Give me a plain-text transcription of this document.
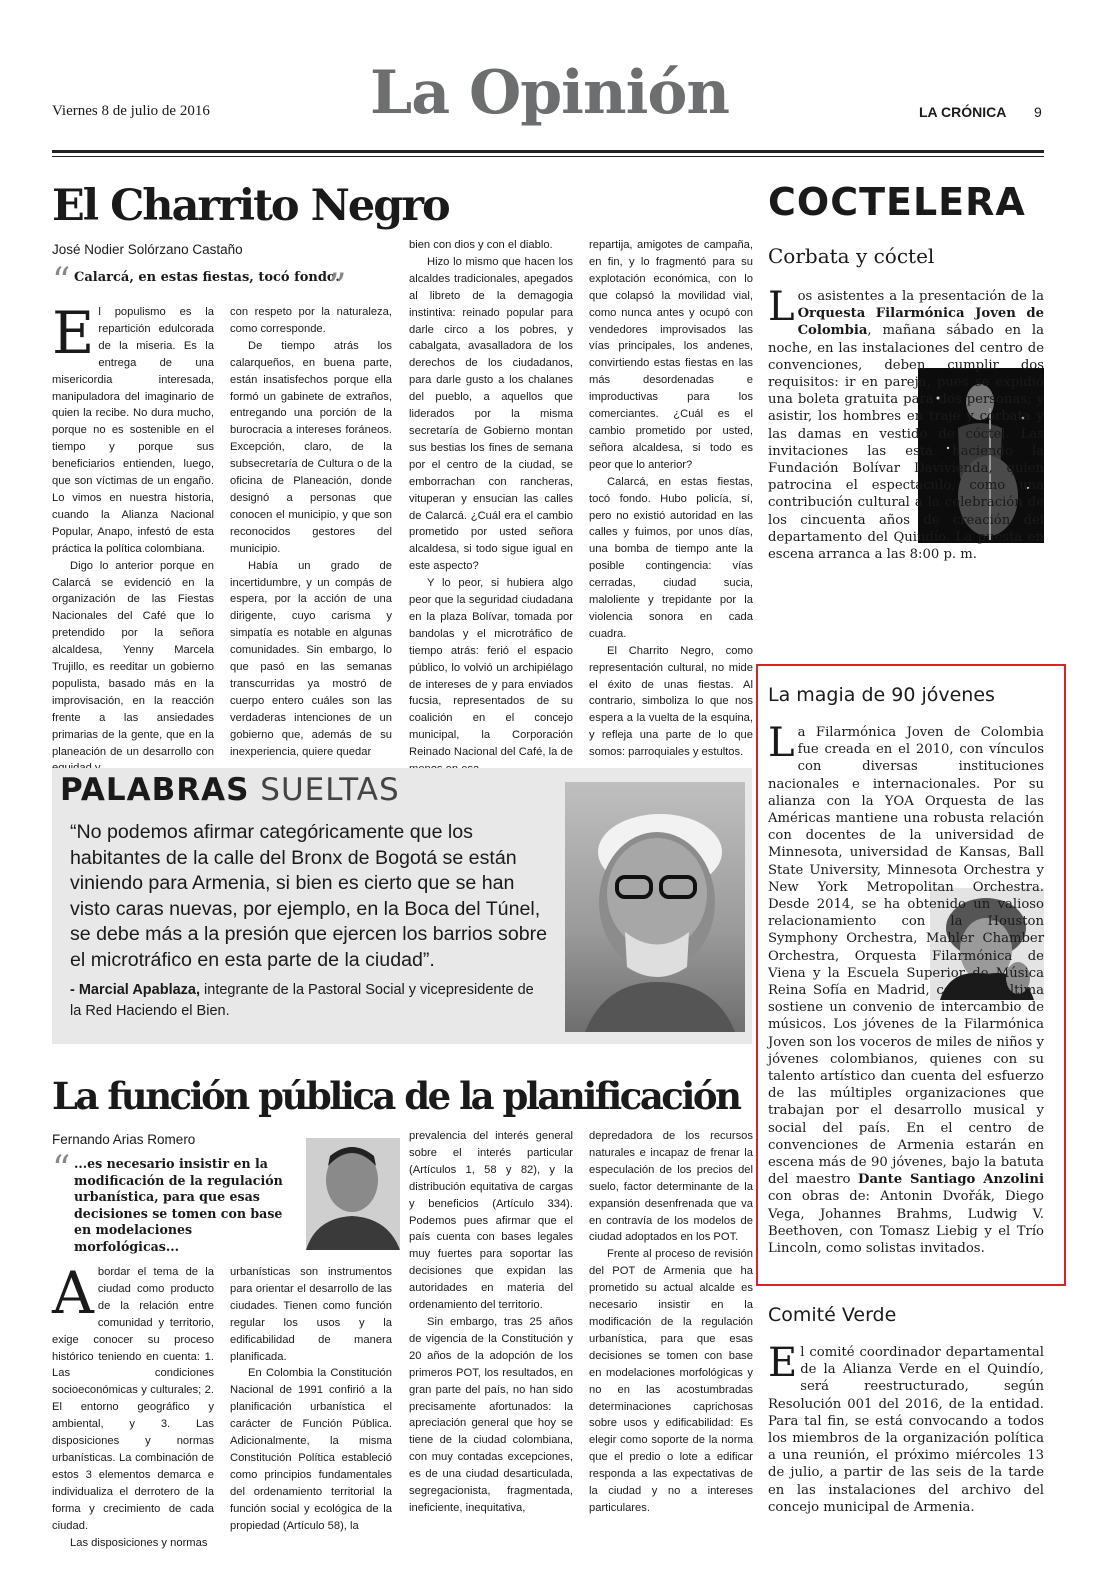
Viernes 8 de julio de 2016	La Opinión	LA CRÓNICA 9
El Charrito Negro
José Nodier Solórzano Castaño
“ Calarcá, en estas fiestas, tocó fondo.
”
E l populismo es la repartición edulcorada de la miseria. Es la entrega de una misericordia interesada, manipuladora del imaginario de quien la recibe. No dura mucho, porque no es sostenible en el tiempo y porque sus beneficiarios entienden, luego, que son víctimas de un engaño. Lo vimos en nuestra historia, cuando la Alianza Nacional Popular, Anapo, infestó de esta práctica la política colombiana.

Digo lo anterior porque en Calarcá se evidenció en la organización de las Fiestas Nacionales del Café que lo pretendido por la señora alcaldesa, Yenny Marcela Trujillo, es reeditar un gobierno populista, basado más en la improvisación, en la reacción frente a las ansiedades primarias de la gente, que en la planeación de un desarrollo con

con respeto por la naturaleza, como corresponde.

De tiempo atrás los calarqueños, en buena parte, están insatisfechos porque ella formó un gabinete de extraños, entregando una porción de la burocracia a intereses foráneos. Excepción, claro, de la subsecretaría de Cultura o de la oficina de Planeación, donde designó a personas que conocen el municipio, y que son reconocidos gestores del municipio.

Había un grado de incertidumbre, y un compás de espera, por la acción de una dirigente, cuyo carisma y simpatía es notable en algunas comunidades. Sin embargo, lo que pasó en las semanas transcurridas ya mostró de cuerpo entero cuáles son las verdaderas intenciones de un gobierno que, además de su inexperiencia, quiere quedar

bien con dios y con el diablo.

Hizo lo mismo que hacen los alcaldes tradicionales, apegados al libreto de la demagogia instintiva: reinado popular para darle circo a los pobres, y cabalgata, avasalladora de los derechos de los ciudadanos, para darle gusto a los chalanes del pueblo, a aquellos que liderados por la misma secretaría de Gobierno montan sus bestias los fines de semana por el centro de la ciudad, se emborrachan con rancheras, vituperan y ensucian las calles de Calarcá. ¿Cuál era el cambio prometido por usted señora alcaldesa, si todo sigue igual en este aspecto?

Y lo peor, si hubiera algo peor que la seguridad ciudadana en la plaza Bolívar, tomada por bandolas y el microtráfico de tiempo atrás: ferió el espacio público, lo volvió un archipiélago de intereses de y para enviados fucsia, representados de su coalición en el concejo municipal, la Corporación Reinado Nacional del Café, la de

repartija, amigotes de campaña, en fin, y lo fragmentó para su explotación económica, con lo que colapsó la movilidad vial, como nunca antes y ocupó con vendedores improvisados las vías principales, los andenes, convirtiendo estas fiestas en las más desordenadas e improductivas para los comerciantes. ¿Cuál es el cambio prometido por usted, señora alcaldesa, si todo es peor que lo anterior?

Calarcá, en estas fiestas, tocó fondo. Hubo policía, sí, pero no existió autoridad en las calles y fuimos, por unos días, una bomba de tiempo ante la posible contingencia: vías cerradas, ciudad sucia, maloliente y trepidante por la violencia sonora en cada cuadra.

El Charrito Negro, como representación cultural, no mide el éxito de unas fiestas. Al contrario, simboliza lo que nos espera a la vuelta de la esquina, y refleja una parte de lo que somos: parroquiales y estultos.

PALABRAS SUELTAS
“No podemos afirmar categóricamente que los habitantes de la calle del Bronx de Bogotá se están viniendo para Armenia, si bien es cierto que se han visto caras nuevas, por ejemplo, en la Boca del Túnel, se debe más a la presión que ejercen los barrios sobre el microtráfico en esta parte de la ciudad”.
- Marcial Apablaza, integrante de la Pastoral Social y vicepresidente de la Red Haciendo el Bien.
La función pública de la planificación
Fernando Arias Romero
“ ...es necesario insistir en la modificación de la regulación urbanística, para que esas decisiones se tomen con base en modelaciones morfológicas...
A bordar el tema de la ciudad como producto de la relación entre comunidad y territorio, exige conocer su proceso histórico teniendo en cuenta: 1. Las condiciones socioeconómicas y culturales; 2. El entorno geográfico y ambiental, y 3. Las disposiciones y normas urbanísticas. La combinación de estos 3 elementos demarca e individualiza el derrotero de la forma y crecimiento de cada ciudad.

Las disposiciones y normas

urbanísticas son instrumentos para orientar el desarrollo de las ciudades. Tienen como función regular los usos y la edificabilidad de manera planificada.

En Colombia la Constitución Nacional de 1991 confirió a la planificación urbanística el carácter de Función Pública. Adicionalmente, la misma Constitución Política estableció como principios fundamentales del ordenamiento territorial la función social y ecológica de la propiedad (Artículo 58), la

prevalencia del interés general sobre el interés particular (Artículos 1, 58 y 82), y la distribución equitativa de cargas y beneficios (Artículo 334). Podemos pues afirmar que el país cuenta con bases legales muy fuertes para soportar las decisiones que expidan las autoridades en materia del ordenamiento del territorio.

Sin embargo, tras 25 años de vigencia de la Constitución y 20 años de la adopción de los primeros POT, los resultados, en gran parte del país, no han sido precisamente afortunados: la apreciación general que hoy se tiene de la ciudad colombiana, con muy contadas excepciones, es de una ciudad desarticulada, segregacionista, fragmentada, ineficiente, inequitativa,

depredadora de los recursos naturales e incapaz de frenar la especulación de los precios del suelo, factor determinante de la expansión desenfrenada que va en contravía de los modelos de ciudad adoptados en los POT.

Frente al proceso de revisión del POT de Armenia que ha prometido su actual alcalde es necesario insistir en la modificación de la regulación urbanística, para que esas decisiones se tomen con base en modelaciones morfológicas y no en las acostumbradas determinaciones caprichosas sobre usos y edificabilidad: Es elegir como soporte de la norma que el predio o lote a edificar responda a las expectativas de la ciudad y no a intereses particulares.

COCTELERA
Corbata y cóctel
L os asistentes a la presentación de la Orquesta Filarmónica Joven de Colombia, mañana sábado en la noche, en las instalaciones del centro de convenciones, deben cumplir dos requisitos: ir en pareja, pues se expidió una boleta gratuita para dos personas; y asistir, los hombres en traje y corbata y las damas en vestido de cóctel. Las invitaciones las está haciendo la Fundación Bolívar Davivienda, quien patrocina el espectáculo, como una contribución cultural a la celebración de los cincuenta años de creación del departamento del Quindío. La puesta en escena arranca a las 8:00 p. m.

La magia de 90 jóvenes
L a Filarmónica Joven de Colombia fue creada en el 2010, con vínculos con diversas instituciones nacionales e internacionales. Por su alianza con la YOA Orquesta de las Américas mantiene una robusta relación con docentes de la universidad de Minnesota, universidad de Kansas, Ball State University, Minnesota Orchestra y New York Metropolitan Orchestra. Desde 2014, se ha obtenido un valioso relacionamiento con la Houston Symphony Orchestra, Mahler Chamber Orchestra, Orquesta Filarmónica de Viena y la Escuela Superior de Música Reina Sofía en Madrid, con esta última sostiene un convenio de intercambio de músicos. Los jóvenes de la Filarmónica Joven son los voceros de miles de niños y jóvenes colombianos, quienes con su talento artístico dan cuenta del esfuerzo de las múltiples organizaciones que trabajan por el desarrollo musical y social del país. En el centro de convenciones de Armenia estarán en escena más de 90 jóvenes, bajo la batuta del maestro Dante Santiago Anzolini con obras de: Antonin Dvořák, Diego Vega, Johannes Brahms, Ludwig V. Beethoven, con Tomasz Liebig y el Trío Lincoln, como solistas invitados.

Comité Verde
E l comité coordinador departamental de la Alianza Verde en el Quindío, será reestructurado, según Resolución 001 del 2016, de la entidad. Para tal fin, se está convocando a todos los miembros de la organización política a una reunión, el próximo miércoles 13 de julio, a partir de las seis de la tarde en las instalaciones del archivo del concejo municipal de Armenia.
